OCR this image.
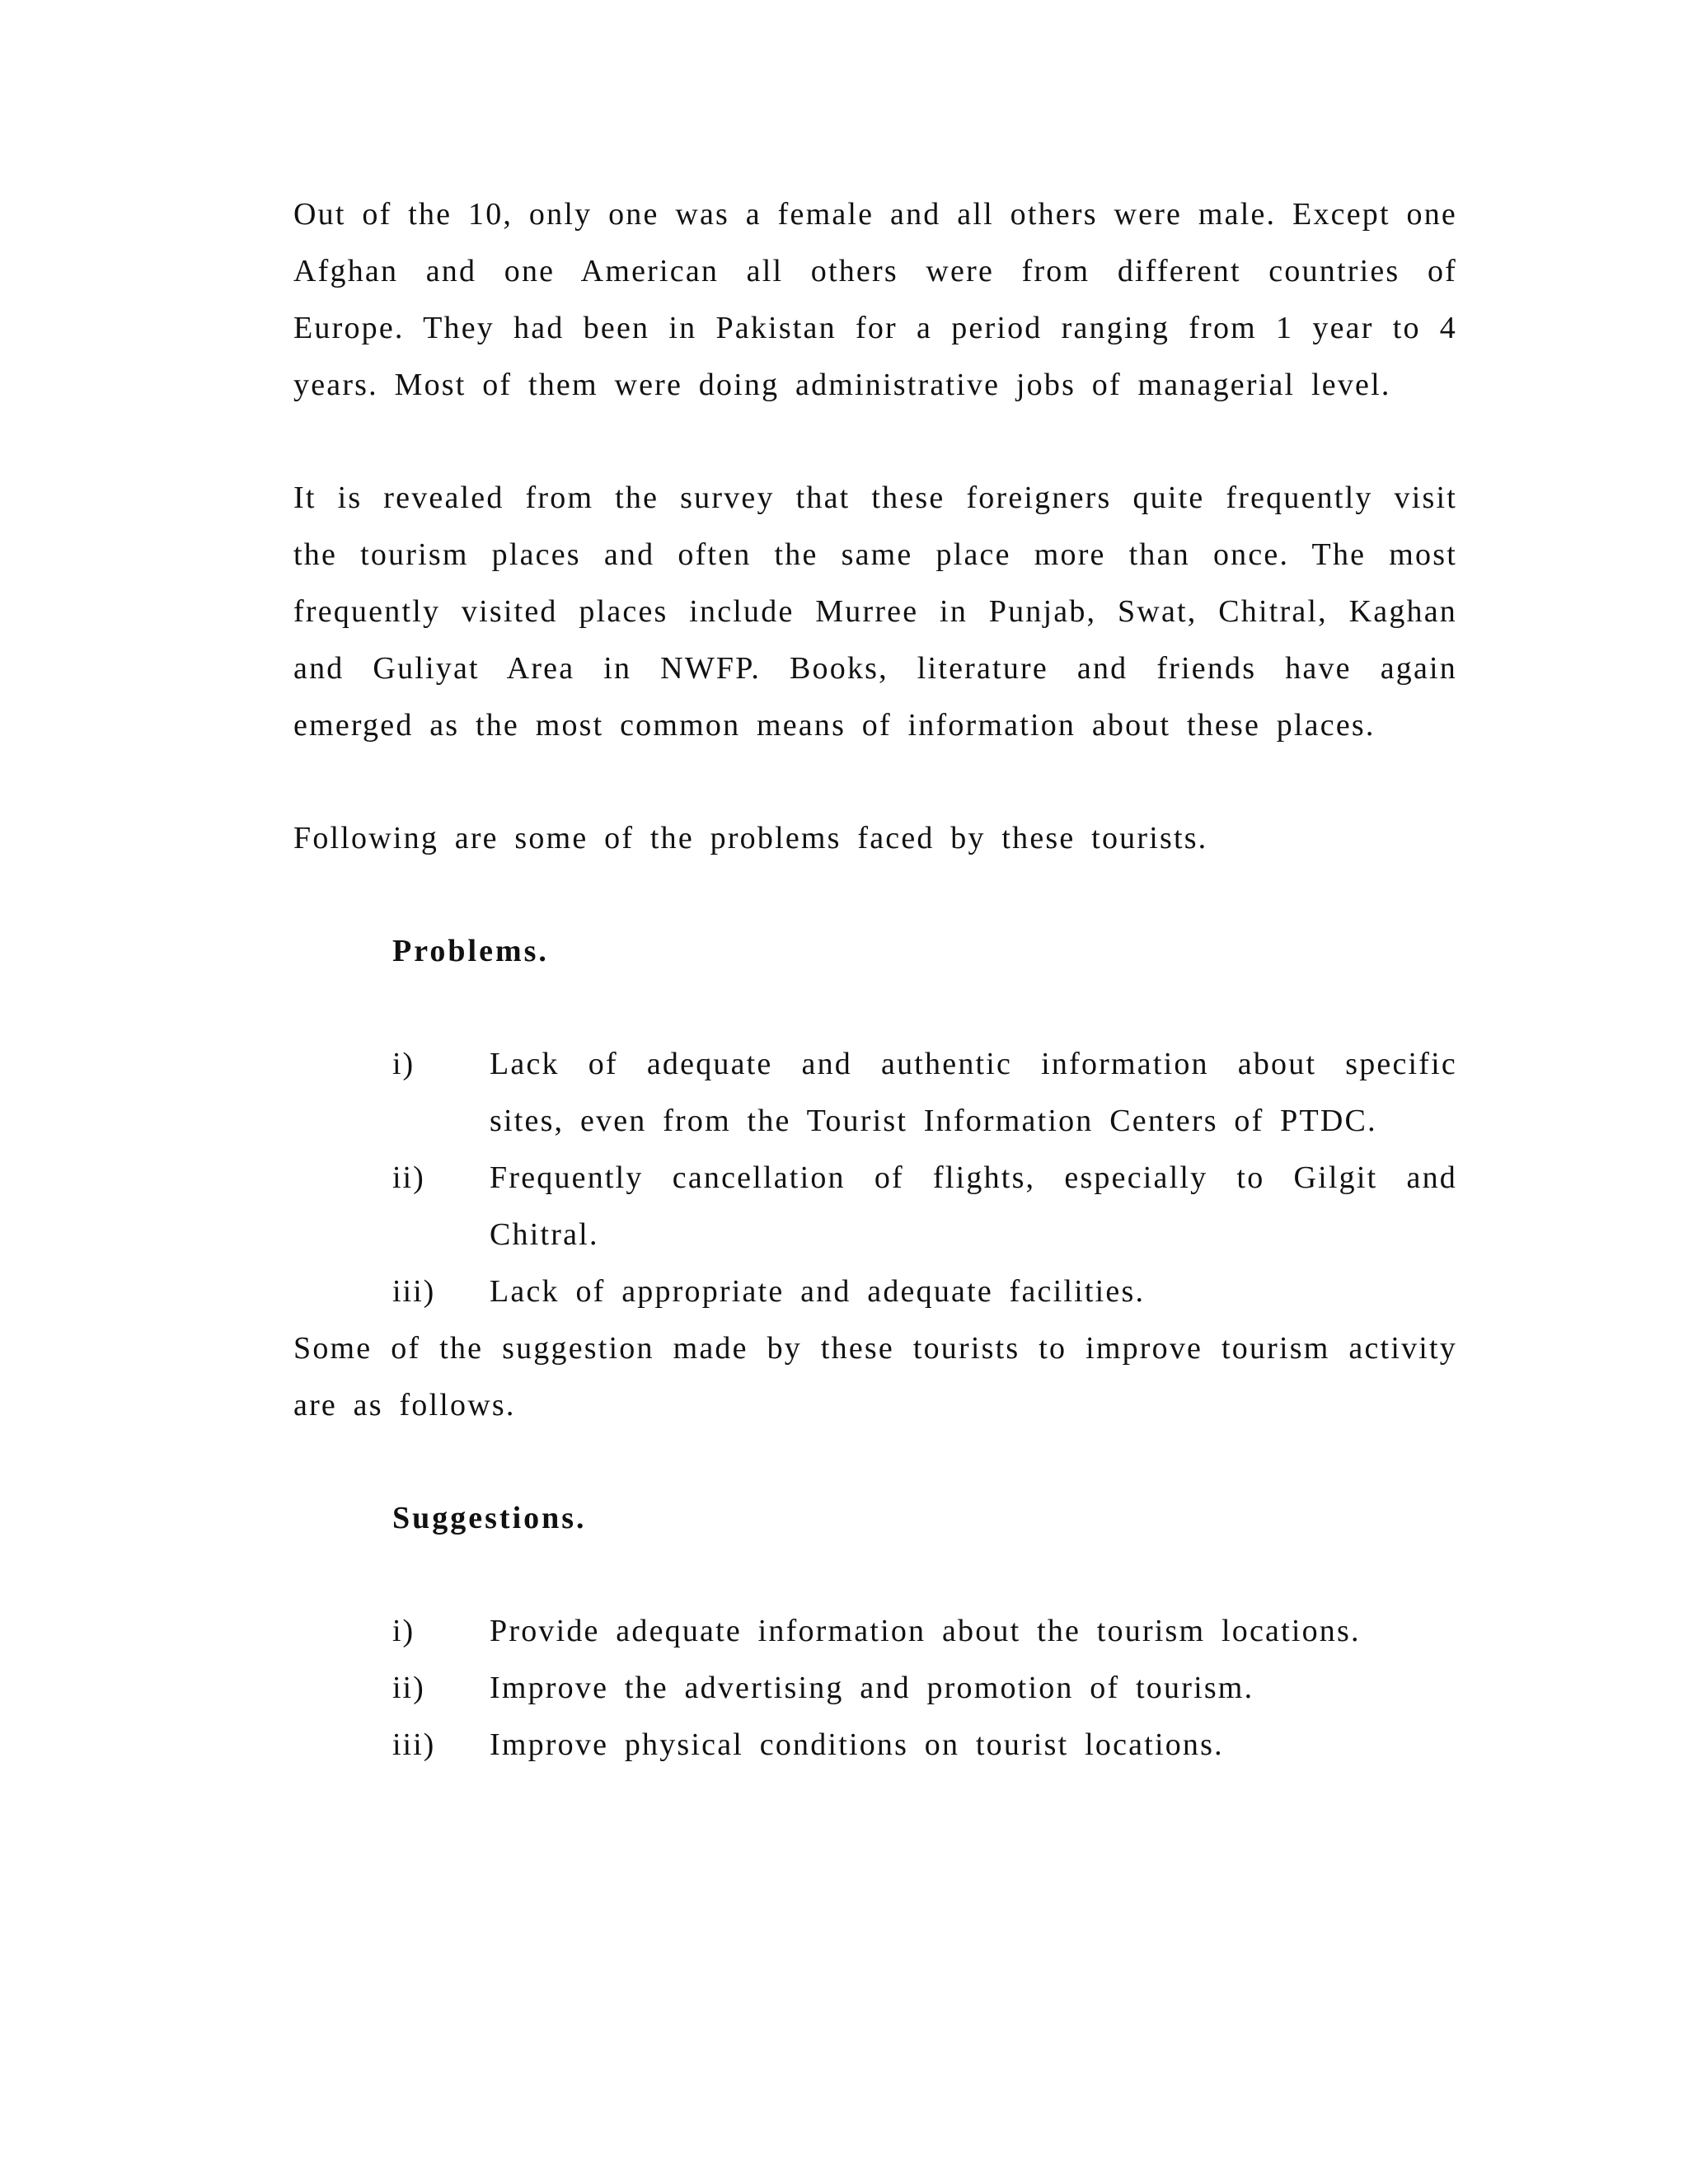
Out of the 10, only one was a female and all others were male. Except one Afghan and one American all others were from different countries of Europe. They had been in Pakistan for a period ranging from 1 year to 4 years. Most of them were doing administrative jobs of managerial level.

It is revealed from the survey that these foreigners quite frequently visit the tourism places and often the same place more than once. The most frequently visited places include Murree in Punjab, Swat, Chitral, Kaghan and Guliyat Area in NWFP. Books, literature and friends have again emerged as the most common means of information about these places.

Following are some of the problems faced by these tourists.

Problems.

i)	Lack of adequate and authentic information about specific sites, even from the Tourist Information Centers of PTDC.

ii)	Frequently cancellation of flights, especially to Gilgit and Chitral.

iii)	Lack of appropriate and adequate facilities.

Some of the suggestion made by these tourists to improve tourism activity are as follows.

Suggestions.

i)	Provide adequate information about the tourism locations.

ii)	Improve the advertising and promotion of tourism.

iii)	Improve physical conditions on tourist locations.
